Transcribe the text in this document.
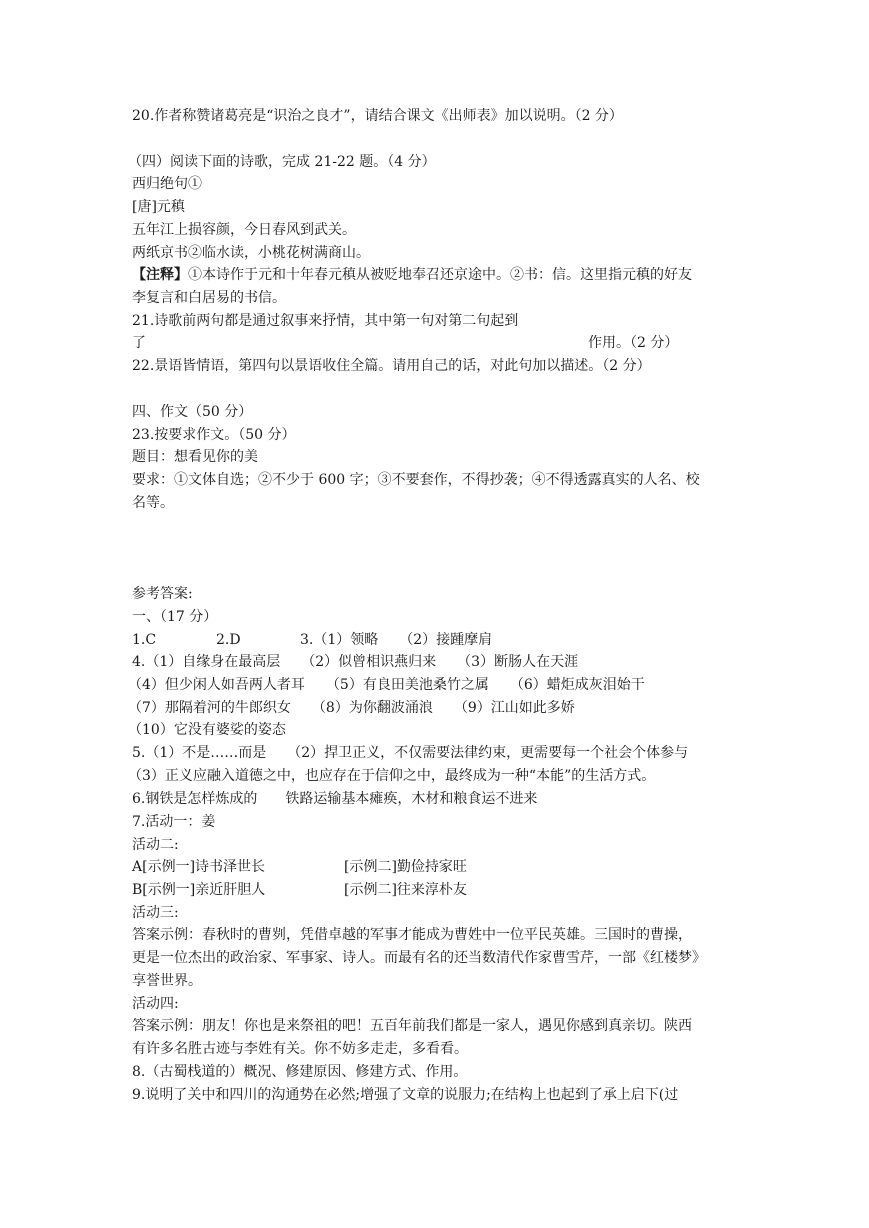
20.作者称赞诸葛亮是“识治之良才”，请结合课文《出师表》加以说明。（2 分）
（四）阅读下面的诗歌，完成 21-22 题。（4 分）
西归绝句①
[唐]元稹
五年江上损容颜，今日春风到武关。
两纸京书②临水读，小桃花树满商山。
【注释】①本诗作于元和十年春元稹从被贬地奉召还京途中。②书：信。这里指元稹的好友
李复言和白居易的书信。
21.诗歌前两句都是通过叙事来抒情，其中第一句对第二句起到
了	作用。（2 分）
22.景语皆情语，第四句以景语收住全篇。请用自己的话，对此句加以描述。（2 分）
四、作文（50 分）
23.按要求作文。（50 分）
题目：想看见你的美
要求：①文体自选；②不少于 600 字；③不要套作，不得抄袭；④不得透露真实的人名、校
名等。
参考答案:
一、（17 分）
1.C	2.D	3.（1）领略　　（2）接踵摩肩
4.（1）自缘身在最高层　　（2）似曾相识燕归来　　（3）断肠人在天涯
（4）但少闲人如吾两人者耳　　（5）有良田美池桑竹之属　　（6）蜡炬成灰泪始干
（7）那隔着河的牛郎织女　　（8）为你翻波涌浪　　（9）江山如此多娇
（10）它没有婆娑的姿态
5.（1）不是……而是　　（2）捍卫正义，不仅需要法律约束，更需要每一个社会个体参与
（3）正义应融入道德之中，也应存在于信仰之中，最终成为一种“本能”的生活方式。
6.钢铁是怎样炼成的　　铁路运输基本瘫痪，木材和粮食运不进来
7.活动一：姜
活动二:
A[示例一]诗书泽世长	[示例二]勤俭持家旺
B[示例一]亲近肝胆人	[示例二]往来淳朴友
活动三:
答案示例：春秋时的曹刿，凭借卓越的军事才能成为曹姓中一位平民英雄。三国时的曹操，
更是一位杰出的政治家、军事家、诗人。而最有名的还当数清代作家曹雪芹，一部《红楼梦》
享誉世界。
活动四:
答案示例：朋友！你也是来祭祖的吧！五百年前我们都是一家人，遇见你感到真亲切。陕西
有许多名胜古迹与李姓有关。你不妨多走走，多看看。
8.（古蜀栈道的）概况、修建原因、修建方式、作用。
9.说明了关中和四川的沟通势在必然;增强了文章的说服力;在结构上也起到了承上启下(过
